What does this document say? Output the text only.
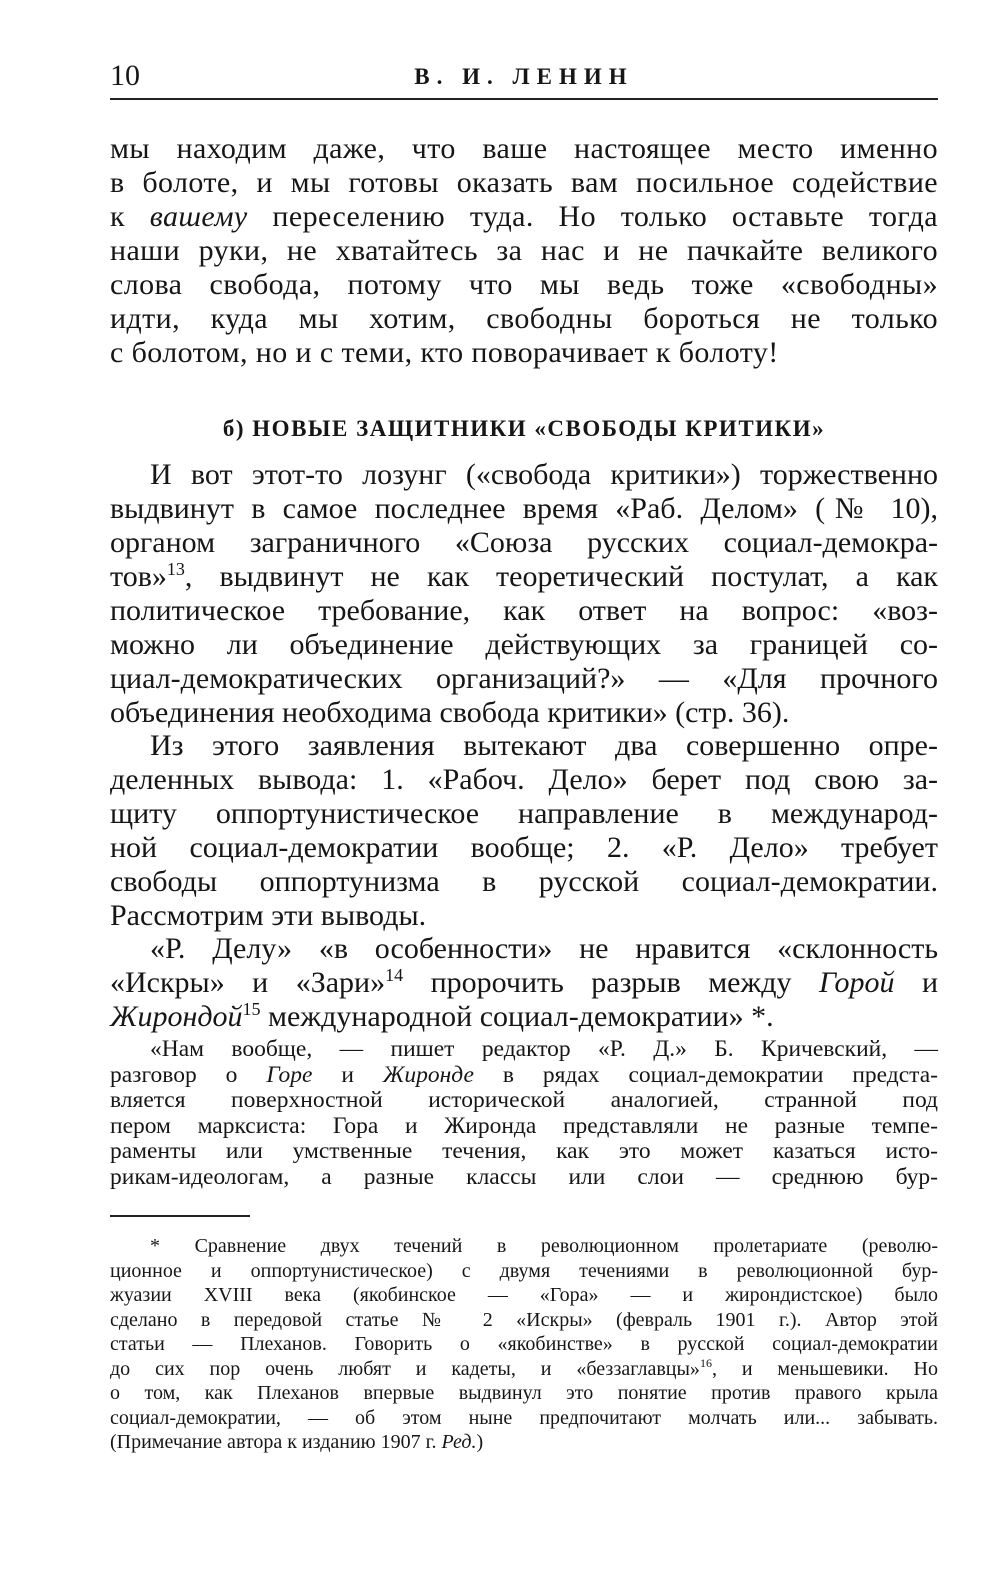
10	В. И. ЛЕНИН
мы находим даже, что ваше настоящее место именно
в болоте, и мы готовы оказать вам посильное содействие
к вашему переселению туда. Но только оставьте тогда
наши руки, не хватайтесь за нас и не пачкайте великого
слова свобода, потому что мы ведь тоже «свободны»
идти, куда мы хотим, свободны бороться не только
с болотом, но и с теми, кто поворачивает к болоту!
б) НОВЫЕ ЗАЩИТНИКИ «СВОБОДЫ КРИТИКИ»
И вот этот-то лозунг («свобода критики») торжественно
выдвинут в самое последнее время «Раб. Делом» (№ 10),
органом заграничного «Союза русских социал-демокра-
тов»$^{13}$, выдвинут не как теоретический постулат, а как
политическое требование, как ответ на вопрос: «воз-
можно ли объединение действующих за границей со-
циал-демократических организаций?» — «Для прочного
объединения необходима свобода критики» (стр. 36).
Из этого заявления вытекают два совершенно опре-
деленных вывода: 1. «Рабоч. Дело» берет под свою за-
щиту оппортунистическое направление в международ-
ной социал-демократии вообще; 2. «Р. Дело» требует
свободы оппортунизма в русской социал-демократии.
Рассмотрим эти выводы.
«Р. Делу» «в особенности» не нравится «склонность
«Искры» и «Зари»$^{14}$ пророчить разрыв между Горой и
Жирондой$^{15}$ международной социал-демократии» *.
«Нам вообще, — пишет редактор «Р. Д.» Б. Кричевский, —
разговор о Горе и Жиронде в рядах социал-демократии предста-
вляется поверхностной исторической аналогией, странной под
пером марксиста: Гора и Жиронда представляли не разные темпе-
раменты или умственные течения, как это может казаться исто-
рикам-идеологам, а разные классы или слои — среднюю бур-
* Сравнение двух течений в революционном пролетариате (револю-
ционное и оппортунистическое) с двумя течениями в революционной бур-
жуазии XVIII века (якобинское — «Гора» — и жирондистское) было
сделано в передовой статье № 2 «Искры» (февраль 1901 г.). Автор этой
статьи — Плеханов. Говорить о «якобинстве» в русской социал-демократии
до сих пор очень любят и кадеты, и «беззаглавцы»$^{16}$, и меньшевики. Но
о том, как Плеханов впервые выдвинул это понятие против правого крыла
социал-демократии, — об этом ныне предпочитают молчать или... забывать.
(Примечание автора к изданию 1907 г. Ред.)
